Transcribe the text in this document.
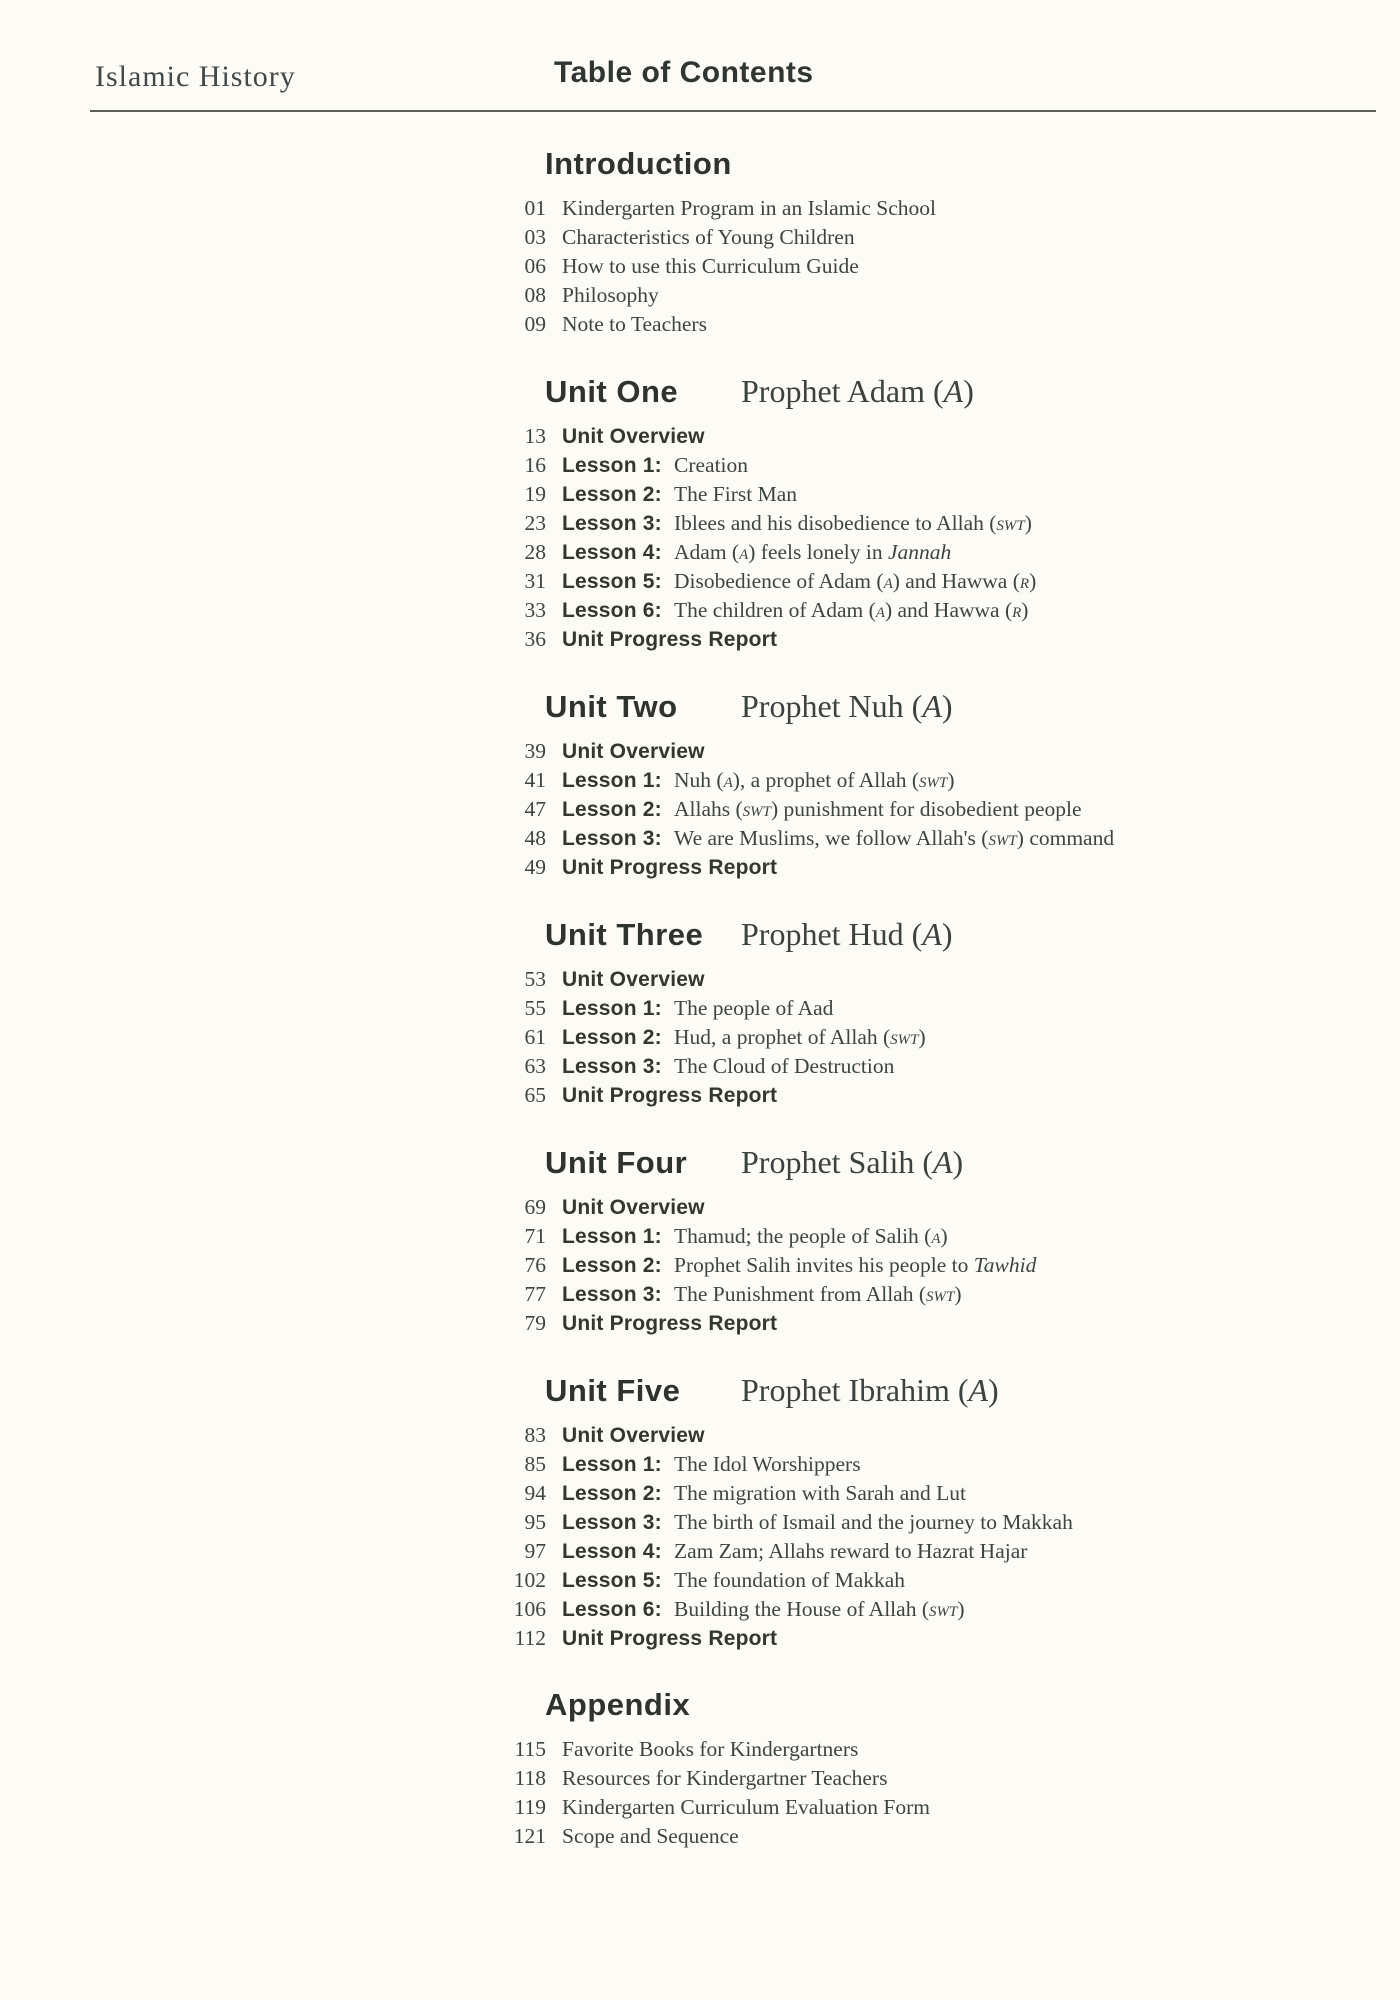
Islamic History	Table of Contents
Introduction
01 Kindergarten Program in an Islamic School
03 Characteristics of Young Children
06 How to use this Curriculum Guide
08 Philosophy
09 Note to Teachers
Unit One	Prophet Adam (A)
13 Unit Overview
16 Lesson 1: Creation
19 Lesson 2: The First Man
23 Lesson 3: Iblees and his disobedience to Allah (swt)
28 Lesson 4: Adam (a) feels lonely in Jannah
31 Lesson 5: Disobedience of Adam (a) and Hawwa (r)
33 Lesson 6: The children of Adam (a) and Hawwa (r)
36 Unit Progress Report
Unit Two	Prophet Nuh (A)
39 Unit Overview
41 Lesson 1: Nuh (a), a prophet of Allah (swt)
47 Lesson 2: Allahs (swt) punishment for disobedient people
48 Lesson 3: We are Muslims, we follow Allah's (swt) command
49 Unit Progress Report
Unit Three	Prophet Hud (A)
53 Unit Overview
55 Lesson 1: The people of Aad
61 Lesson 2: Hud, a prophet of Allah (swt)
63 Lesson 3: The Cloud of Destruction
65 Unit Progress Report
Unit Four	Prophet Salih (A)
69 Unit Overview
71 Lesson 1: Thamud; the people of Salih (a)
76 Lesson 2: Prophet Salih invites his people to Tawhid
77 Lesson 3: The Punishment from Allah (swt)
79 Unit Progress Report
Unit Five	Prophet Ibrahim (A)
83 Unit Overview
85 Lesson 1: The Idol Worshippers
94 Lesson 2: The migration with Sarah and Lut
95 Lesson 3: The birth of Ismail and the journey to Makkah
97 Lesson 4: Zam Zam; Allahs reward to Hazrat Hajar
102 Lesson 5: The foundation of Makkah
106 Lesson 6: Building the House of Allah (swt)
112 Unit Progress Report
Appendix
115 Favorite Books for Kindergartners
118 Resources for Kindergartner Teachers
119 Kindergarten Curriculum Evaluation Form
121 Scope and Sequence
